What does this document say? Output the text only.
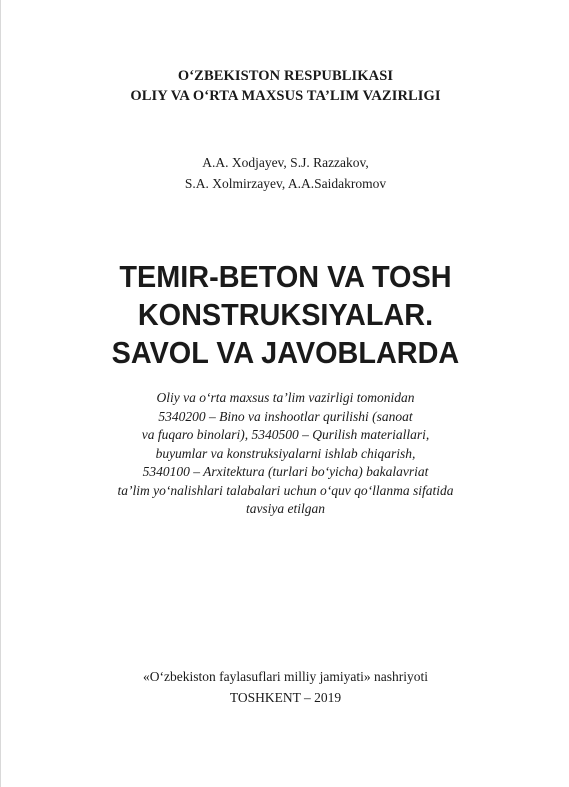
O‘ZBEKISTON RESPUBLIKASI
OLIY VA O‘RTA MAXSUS TA’LIM VAZIRLIGI
A.A. Xodjayev, S.J. Razzakov,
S.A. Xolmirzayev, A.A.Saidakromov
TEMIR-BETON VA TOSH
KONSTRUKSIYALAR.
SAVOL VA JAVOBLARDA
Oliy va o‘rta maxsus ta’lim vazirligi tomonidan
5340200 – Bino va inshootlar qurilishi (sanoat
va fuqaro binolari), 5340500 – Qurilish materiallari,
buyumlar va konstruksiyalarni ishlab chiqarish,
5340100 – Arxitektura (turlari bo‘yicha) bakalavriat
ta’lim yo‘nalishlari talabalari uchun o‘quv qo‘llanma sifatida
tavsiya etilgan
«O‘zbekiston faylasuflari milliy jamiyati» nashriyoti
TOSHKENT – 2019
